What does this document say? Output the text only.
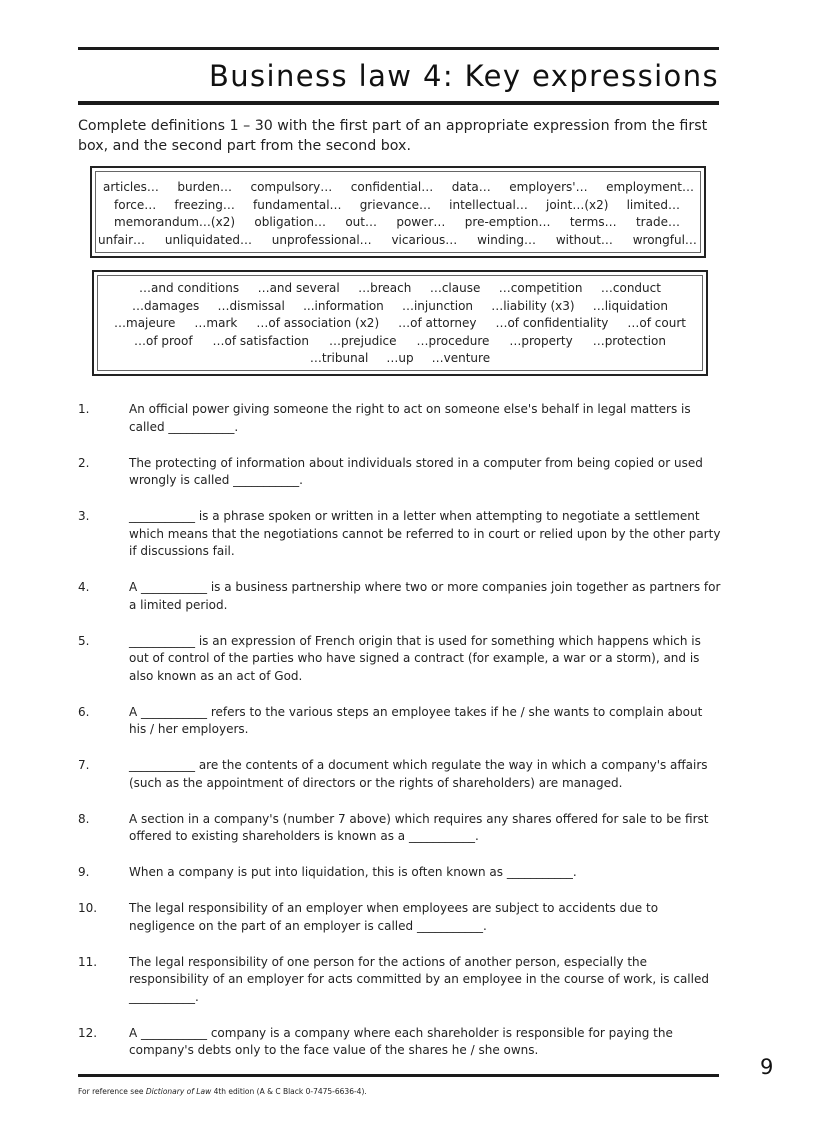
Business law 4: Key expressions
Complete definitions 1 – 30 with the first part of an appropriate expression from the first box, and the second part from the second box.
articles… burden… compulsory… confidential… data… employers'… employment…
force… freezing… fundamental… grievance… intellectual… joint…(x2) limited…
memorandum…(x2) obligation… out… power… pre-emption… terms… trade…
unfair… unliquidated… unprofessional… vicarious… winding… without… wrongful…
…and conditions …and several …breach …clause …competition …conduct
…damages …dismissal ...information …injunction …liability (x3) …liquidation
…majeure …mark …of association (x2) …of attorney …of confidentiality …of court
…of proof …of satisfaction …prejudice …procedure …property …protection
…tribunal …up …venture
1.	An official power giving someone the right to act on someone else's behalf in legal matters is called ___________.
2.	The protecting of information about individuals stored in a computer from being copied or used wrongly is called ___________.
3.	___________ is a phrase spoken or written in a letter when attempting to negotiate a settlement which means that the negotiations cannot be referred to in court or relied upon by the other party if discussions fail.
4.	A ___________ is a business partnership where two or more companies join together as partners for a limited period.
5.	___________ is an expression of French origin that is used for something which happens which is out of control of the parties who have signed a contract (for example, a war or a storm), and is also known as an act of God.
6.	A ___________ refers to the various steps an employee takes if he / she wants to complain about his / her employers.
7.	___________ are the contents of a document which regulate the way in which a company's affairs (such as the appointment of directors or the rights of shareholders) are managed.
8.	A section in a company's (number 7 above) which requires any shares offered for sale to be first offered to existing shareholders is known as a ___________.
9.	When a company is put into liquidation, this is often known as ___________.
10.	The legal responsibility of an employer when employees are subject to accidents due to negligence on the part of an employer is called ___________.
11.	The legal responsibility of one person for the actions of another person, especially the responsibility of an employer for acts committed by an employee in the course of work, is called ___________.
12.	A ___________ company is a company where each shareholder is responsible for paying the company's debts only to the face value of the shares he / she owns.
9
For reference see Dictionary of Law 4th edition (A & C Black 0-7475-6636-4).
